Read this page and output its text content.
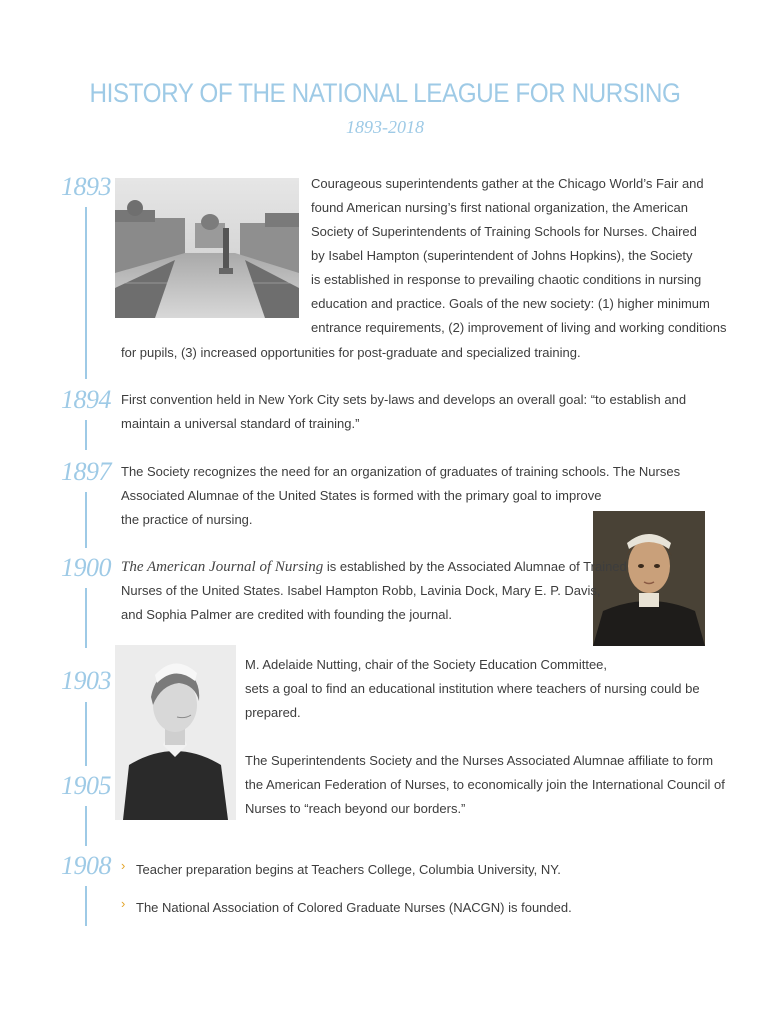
HISTORY OF THE NATIONAL LEAGUE FOR NURSING
1893-2018
1893
1894
1897
1900
1903
1905
1908
Courageous superintendents gather at the Chicago World’s Fair and
found American nursing’s first national organization, the American
Society of Superintendents of Training Schools for Nurses. Chaired
by Isabel Hampton (superintendent of Johns Hopkins), the Society
is established in response to prevailing chaotic conditions in nursing
education and practice. Goals of the new society: (1) higher minimum
entrance requirements, (2) improvement of living and working conditions
for pupils, (3) increased opportunities for post-graduate and specialized training.
First convention held in New York City sets by-laws and develops an overall goal: “to establish and
maintain a universal standard of training.”
The Society recognizes the need for an organization of graduates of training schools. The Nurses
Associated Alumnae of the United States is formed with the primary goal to improve
the practice of nursing.
The American Journal of Nursing is established by the Associated Alumnae of Trained
Nurses of the United States. Isabel Hampton Robb, Lavinia Dock, Mary E. P. Davis,
and Sophia Palmer are credited with founding the journal.
M. Adelaide Nutting, chair of the Society Education Committee,
sets a goal to find an educational institution where teachers of nursing could be
prepared.
The Superintendents Society and the Nurses Associated Alumnae affiliate to form
the American Federation of Nurses, to economically join the International Council of
Nurses to “reach beyond our borders.”
› Teacher preparation begins at Teachers College, Columbia University, NY.
› The National Association of Colored Graduate Nurses (NACGN) is founded.
